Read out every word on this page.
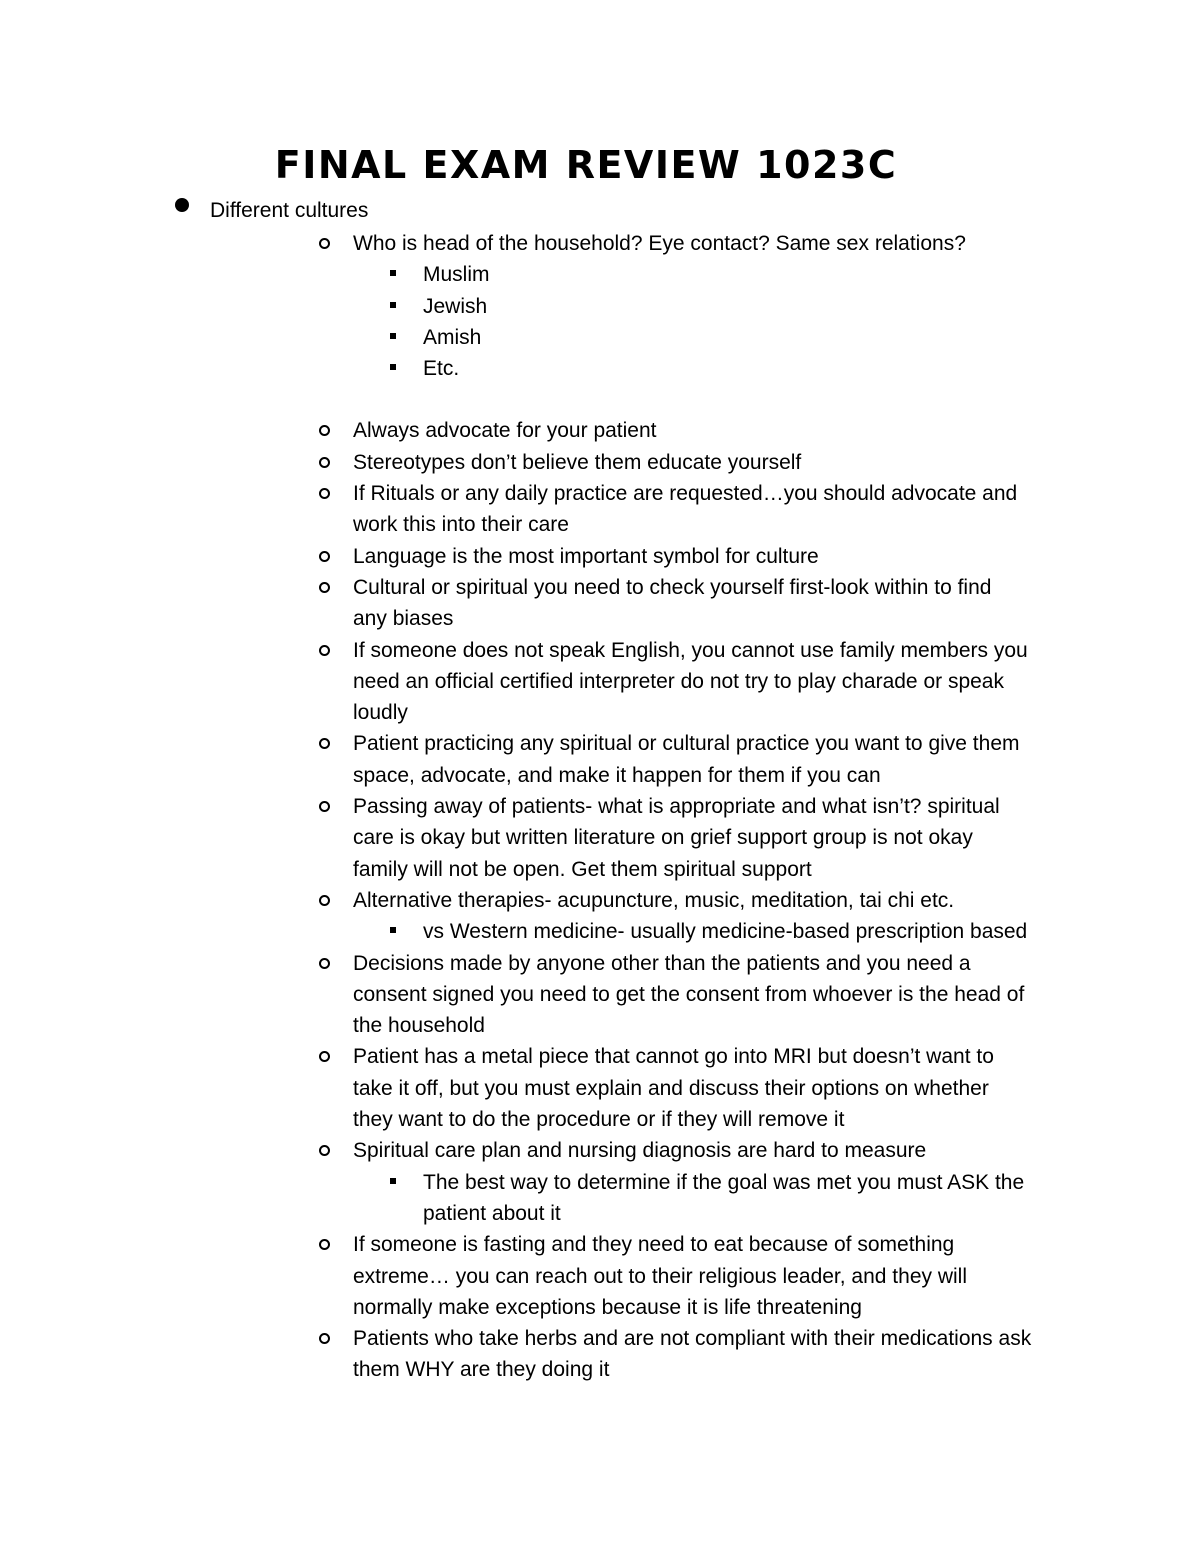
FINAL EXAM REVIEW 1023C
Different cultures
Who is head of the household? Eye contact? Same sex relations?
Muslim
Jewish
Amish
Etc.
Always advocate for your patient
Stereotypes don’t believe them educate yourself
If Rituals or any daily practice are requested…you should advocate and
work this into their care
Language is the most important symbol for culture
Cultural or spiritual you need to check yourself first-look within to find
any biases
If someone does not speak English, you cannot use family members you
need an official certified interpreter do not try to play charade or speak
loudly
Patient practicing any spiritual or cultural practice you want to give them
space, advocate, and make it happen for them if you can
Passing away of patients- what is appropriate and what isn’t? spiritual
care is okay but written literature on grief support group is not okay
family will not be open. Get them spiritual support
Alternative therapies- acupuncture, music, meditation, tai chi etc.
vs Western medicine- usually medicine-based prescription based
Decisions made by anyone other than the patients and you need a
consent signed you need to get the consent from whoever is the head of
the household
Patient has a metal piece that cannot go into MRI but doesn’t want to
take it off, but you must explain and discuss their options on whether
they want to do the procedure or if they will remove it
Spiritual care plan and nursing diagnosis are hard to measure
The best way to determine if the goal was met you must ASK the
patient about it
If someone is fasting and they need to eat because of something
extreme… you can reach out to their religious leader, and they will
normally make exceptions because it is life threatening
Patients who take herbs and are not compliant with their medications ask
them WHY are they doing it
